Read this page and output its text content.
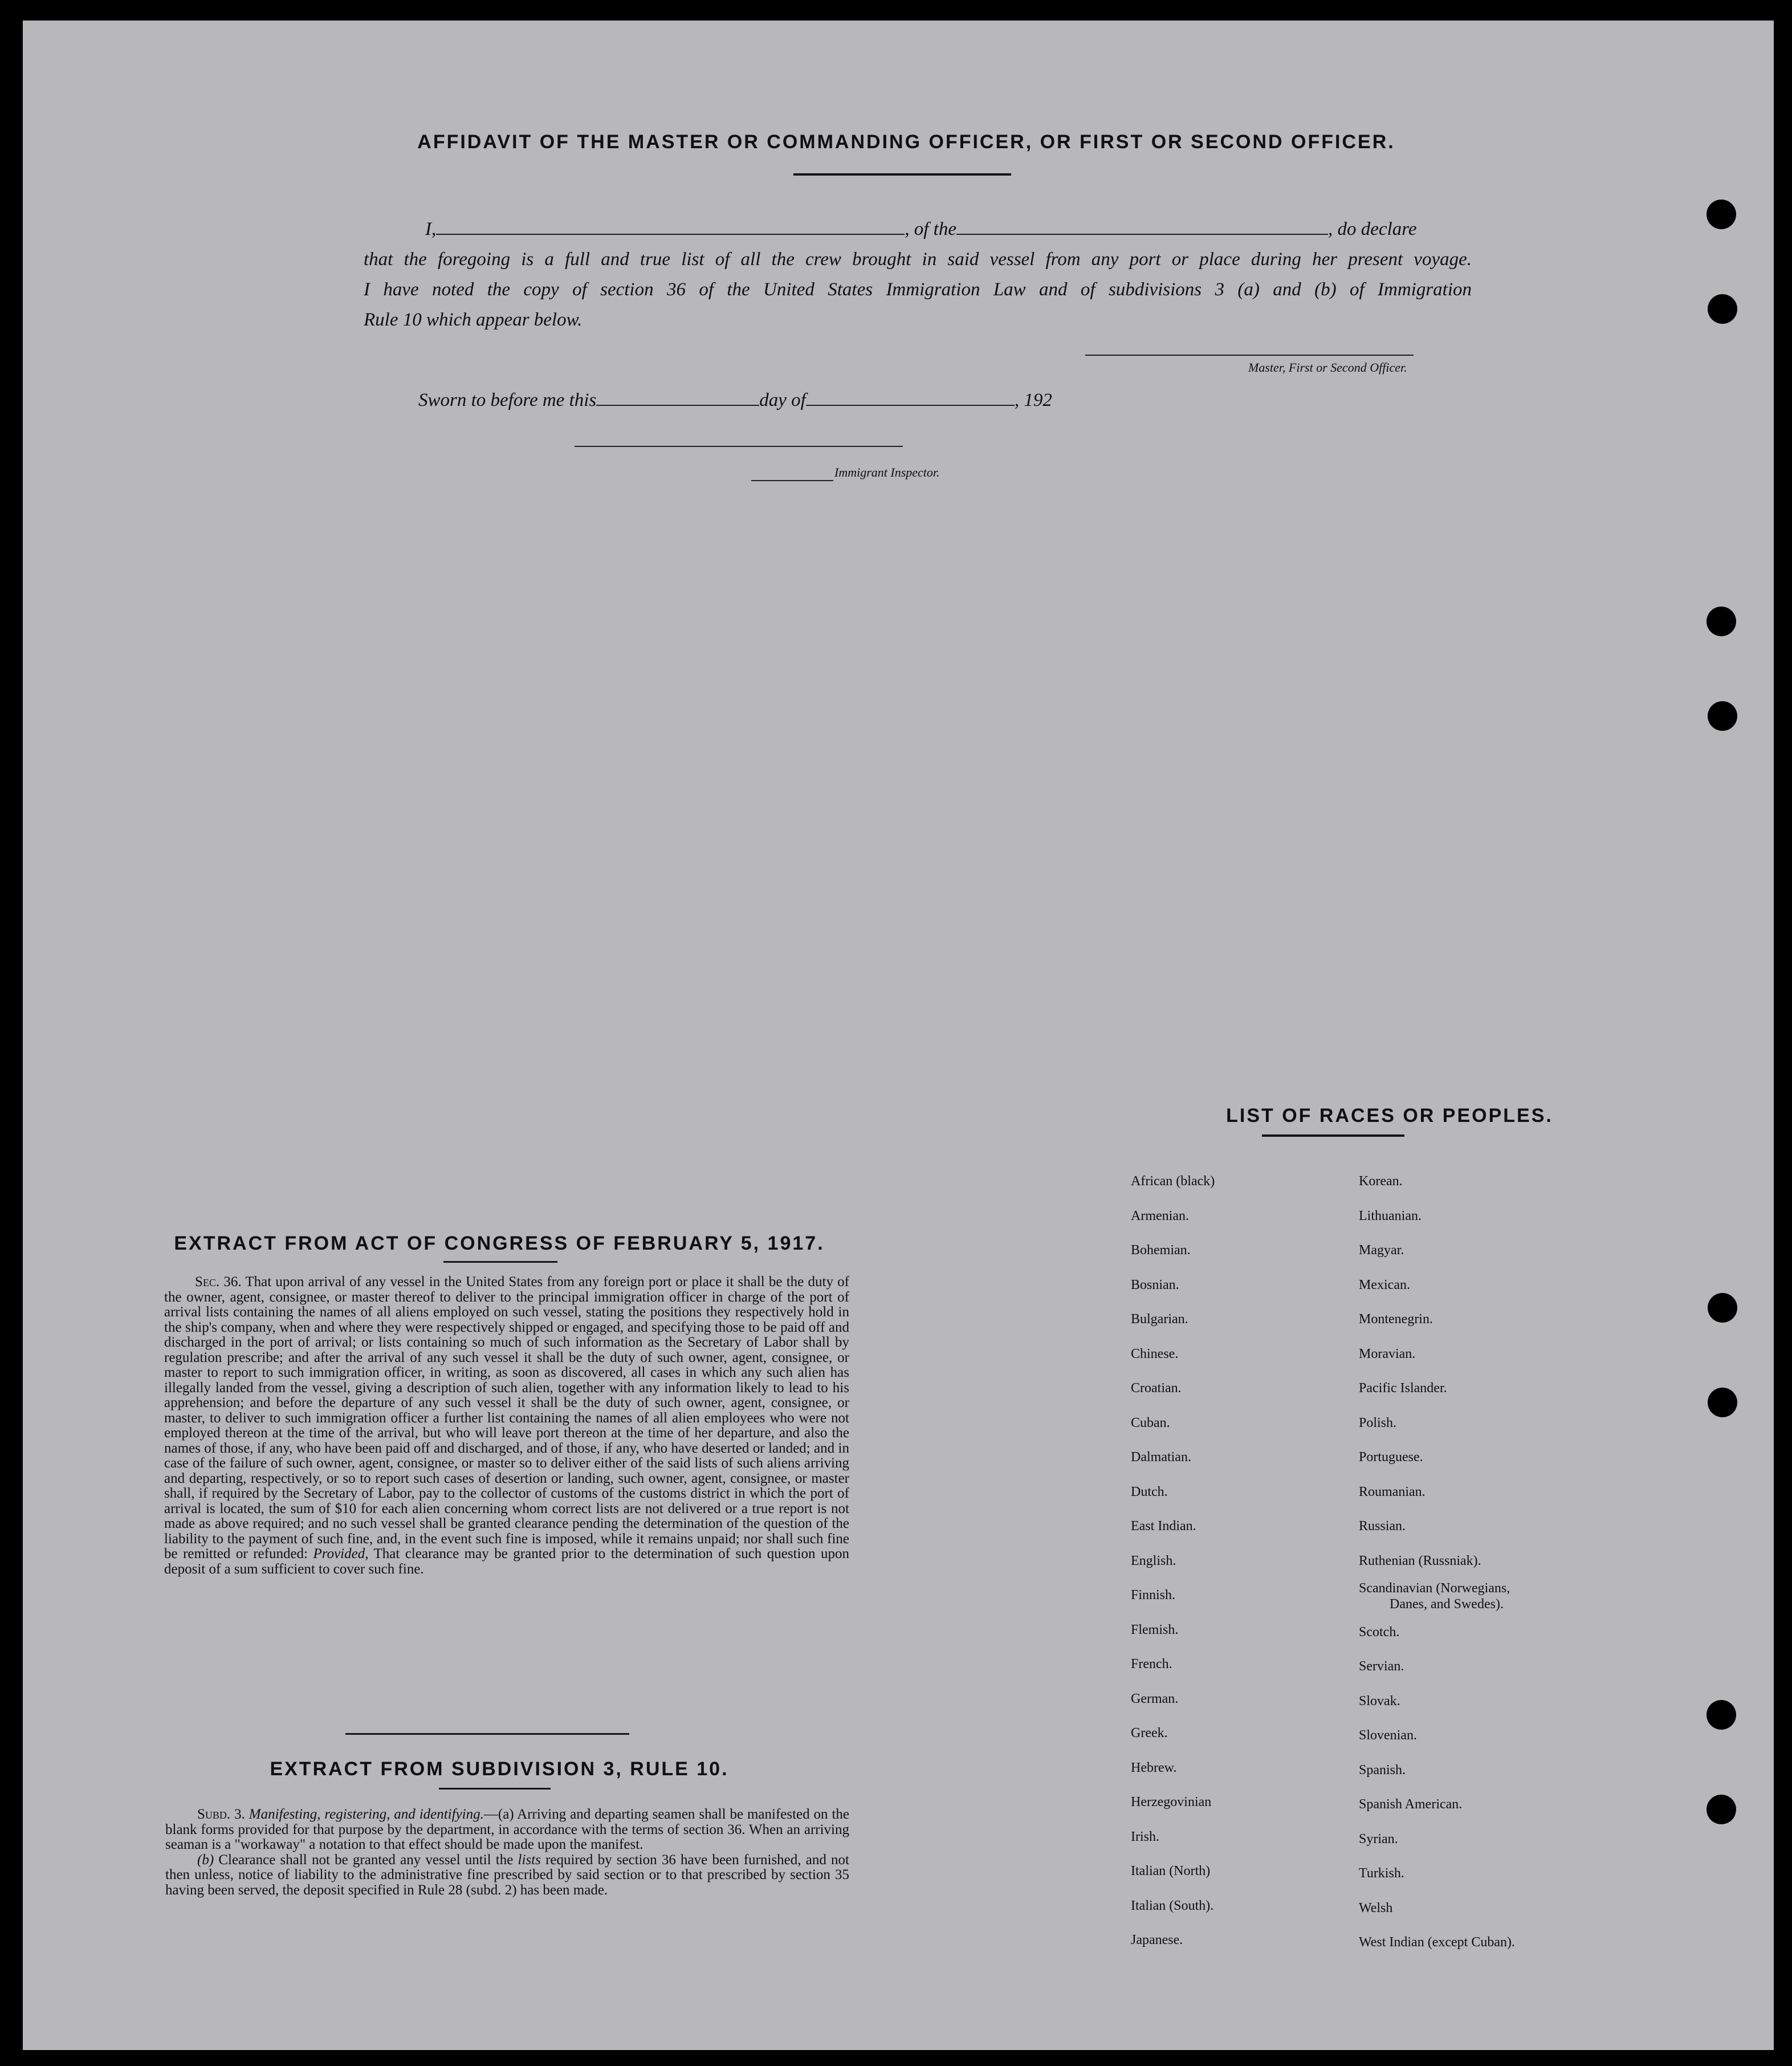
AFFIDAVIT OF THE MASTER OR COMMANDING OFFICER, OR FIRST OR SECOND OFFICER.
I,	, of the	, do declare
that the foregoing is a full and true list of all the crew brought in said vessel from any port or place during her present voyage.
I have noted the copy of section 36 of the United States Immigration Law and of subdivisions 3 (a) and (b) of Immigration
Rule 10 which appear below.
Master, First or Second Officer.
Sworn to before me this	day of	, 192
Immigrant Inspector.
EXTRACT FROM ACT OF CONGRESS OF FEBRUARY 5, 1917.
Sec. 36. That upon arrival of any vessel in the United States from any foreign port or place it shall be the duty of the owner, agent, consignee, or master thereof to deliver to the principal immigration officer in charge of the port of arrival lists containing the names of all aliens employed on such vessel, stating the positions they respectively hold in the ship's company, when and where they were respectively shipped or engaged, and specifying those to be paid off and discharged in the port of arrival; or lists containing so much of such information as the Secretary of Labor shall by regulation prescribe; and after the arrival of any such vessel it shall be the duty of such owner, agent, consignee, or master to report to such immigration officer, in writing, as soon as discovered, all cases in which any such alien has illegally landed from the vessel, giving a description of such alien, together with any information likely to lead to his apprehension; and before the departure of any such vessel it shall be the duty of such owner, agent, consignee, or master, to deliver to such immigration officer a further list containing the names of all alien employees who were not employed thereon at the time of the arrival, but who will leave port thereon at the time of her departure, and also the names of those, if any, who have been paid off and discharged, and of those, if any, who have deserted or landed; and in case of the failure of such owner, agent, consignee, or master so to deliver either of the said lists of such aliens arriving and departing, respectively, or so to report such cases of desertion or landing, such owner, agent, consignee, or master shall, if required by the Secretary of Labor, pay to the collector of customs of the customs district in which the port of arrival is located, the sum of $10 for each alien concerning whom correct lists are not delivered or a true report is not made as above required; and no such vessel shall be granted clearance pending the determination of the question of the liability to the payment of such fine, and, in the event such fine is imposed, while it remains unpaid; nor shall such fine be remitted or refunded: Provided, That clearance may be granted prior to the determination of such question upon deposit of a sum sufficient to cover such fine.
EXTRACT FROM SUBDIVISION 3, RULE 10.
Subd. 3. Manifesting, registering, and identifying.—(a) Arriving and departing seamen shall be manifested on the blank forms provided for that purpose by the department, in accordance with the terms of section 36. When an arriving seaman is a "workaway" a notation to that effect should be made upon the manifest.
(b) Clearance shall not be granted any vessel until the lists required by section 36 have been furnished, and not then unless, notice of liability to the administrative fine prescribed by said section or to that prescribed by section 35 having been served, the deposit specified in Rule 28 (subd. 2) has been made.
LIST OF RACES OR PEOPLES.
African (black)
Armenian.
Bohemian.
Bosnian.
Bulgarian.
Chinese.
Croatian.
Cuban.
Dalmatian.
Dutch.
East Indian.
English.
Finnish.
Flemish.
French.
German.
Greek.
Hebrew.
Herzegovinian
Irish.
Italian (North)
Italian (South).
Japanese.
Korean.
Lithuanian.
Magyar.
Mexican.
Montenegrin.
Moravian.
Pacific Islander.
Polish.
Portuguese.
Roumanian.
Russian.
Ruthenian (Russniak).
Scandinavian (Norwegians,
Danes, and Swedes).
Scotch.
Servian.
Slovak.
Slovenian.
Spanish.
Spanish American.
Syrian.
Turkish.
Welsh
West Indian (except Cuban).
